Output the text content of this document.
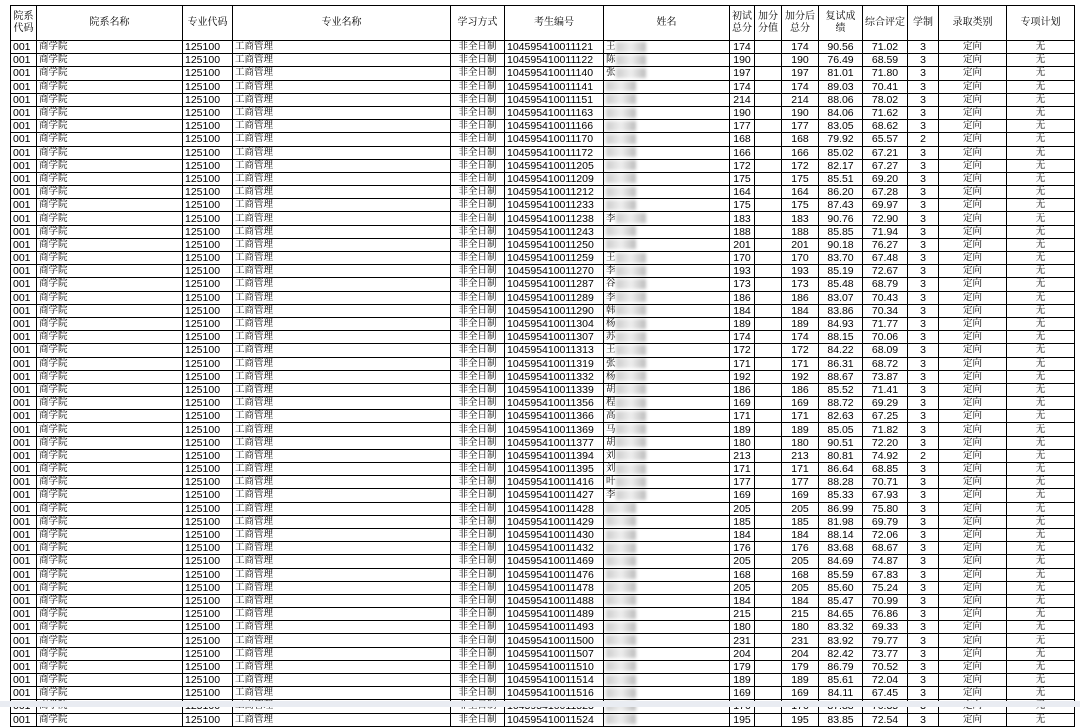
院系代码	院系名称	专业代码	专业名称	学习方式	考生编号	姓名	初试总分	加分分值	加分后总分	复试成绩	综合评定	学制	录取类别	专项计划
001	商学院	125100	工商管理	非全日制	104595410011121	王	174		174	90.56	71.02	3	定向	无
001	商学院	125100	工商管理	非全日制	104595410011122	陈	190		190	76.49	68.59	3	定向	无
001	商学院	125100	工商管理	非全日制	104595410011140	张	197		197	81.01	71.80	3	定向	无
001	商学院	125100	工商管理	非全日制	104595410011141		174		174	89.03	70.41	3	定向	无
001	商学院	125100	工商管理	非全日制	104595410011151		214		214	88.06	78.02	3	定向	无
001	商学院	125100	工商管理	非全日制	104595410011163		190		190	84.06	71.62	3	定向	无
001	商学院	125100	工商管理	非全日制	104595410011166		177		177	83.05	68.62	3	定向	无
001	商学院	125100	工商管理	非全日制	104595410011170		168		168	79.92	65.57	2	定向	无
001	商学院	125100	工商管理	非全日制	104595410011172		166		166	85.02	67.21	3	定向	无
001	商学院	125100	工商管理	非全日制	104595410011205		172		172	82.17	67.27	3	定向	无
001	商学院	125100	工商管理	非全日制	104595410011209		175		175	85.51	69.20	3	定向	无
001	商学院	125100	工商管理	非全日制	104595410011212		164		164	86.20	67.28	3	定向	无
001	商学院	125100	工商管理	非全日制	104595410011233		175		175	87.43	69.97	3	定向	无
001	商学院	125100	工商管理	非全日制	104595410011238	李	183		183	90.76	72.90	3	定向	无
001	商学院	125100	工商管理	非全日制	104595410011243		188		188	85.85	71.94	3	定向	无
001	商学院	125100	工商管理	非全日制	104595410011250		201		201	90.18	76.27	3	定向	无
001	商学院	125100	工商管理	非全日制	104595410011259	王	170		170	83.70	67.48	3	定向	无
001	商学院	125100	工商管理	非全日制	104595410011270	李	193		193	85.19	72.67	3	定向	无
001	商学院	125100	工商管理	非全日制	104595410011287	谷	173		173	85.48	68.79	3	定向	无
001	商学院	125100	工商管理	非全日制	104595410011289	李	186		186	83.07	70.43	3	定向	无
001	商学院	125100	工商管理	非全日制	104595410011290	韩	184		184	83.86	70.34	3	定向	无
001	商学院	125100	工商管理	非全日制	104595410011304	杨	189		189	84.93	71.77	3	定向	无
001	商学院	125100	工商管理	非全日制	104595410011307	苏	174		174	88.15	70.06	3	定向	无
001	商学院	125100	工商管理	非全日制	104595410011313	王	172		172	84.22	68.09	3	定向	无
001	商学院	125100	工商管理	非全日制	104595410011319	张	171		171	86.31	68.72	3	定向	无
001	商学院	125100	工商管理	非全日制	104595410011332	杨	192		192	88.67	73.87	3	定向	无
001	商学院	125100	工商管理	非全日制	104595410011339	胡	186		186	85.52	71.41	3	定向	无
001	商学院	125100	工商管理	非全日制	104595410011356	程	169		169	88.72	69.29	3	定向	无
001	商学院	125100	工商管理	非全日制	104595410011366	高	171		171	82.63	67.25	3	定向	无
001	商学院	125100	工商管理	非全日制	104595410011369	马	189		189	85.05	71.82	3	定向	无
001	商学院	125100	工商管理	非全日制	104595410011377	胡	180		180	90.51	72.20	3	定向	无
001	商学院	125100	工商管理	非全日制	104595410011394	刘	213		213	80.81	74.92	2	定向	无
001	商学院	125100	工商管理	非全日制	104595410011395	刘	171		171	86.64	68.85	3	定向	无
001	商学院	125100	工商管理	非全日制	104595410011416	叶	177		177	88.28	70.71	3	定向	无
001	商学院	125100	工商管理	非全日制	104595410011427	李	169		169	85.33	67.93	3	定向	无
001	商学院	125100	工商管理	非全日制	104595410011428		205		205	86.99	75.80	3	定向	无
001	商学院	125100	工商管理	非全日制	104595410011429		185		185	81.98	69.79	3	定向	无
001	商学院	125100	工商管理	非全日制	104595410011430		184		184	88.14	72.06	3	定向	无
001	商学院	125100	工商管理	非全日制	104595410011432		176		176	83.68	68.67	3	定向	无
001	商学院	125100	工商管理	非全日制	104595410011469		205		205	84.69	74.87	3	定向	无
001	商学院	125100	工商管理	非全日制	104595410011476		168		168	85.59	67.83	3	定向	无
001	商学院	125100	工商管理	非全日制	104595410011478		205		205	85.60	75.24	3	定向	无
001	商学院	125100	工商管理	非全日制	104595410011488		184		184	85.47	70.99	3	定向	无
001	商学院	125100	工商管理	非全日制	104595410011489		215		215	84.65	76.86	3	定向	无
001	商学院	125100	工商管理	非全日制	104595410011493		180		180	83.32	69.33	3	定向	无
001	商学院	125100	工商管理	非全日制	104595410011500		231		231	83.92	79.77	3	定向	无
001	商学院	125100	工商管理	非全日制	104595410011507		204		204	82.42	73.77	3	定向	无
001	商学院	125100	工商管理	非全日制	104595410011510		179		179	86.79	70.52	3	定向	无
001	商学院	125100	工商管理	非全日制	104595410011514		189		189	85.61	72.04	3	定向	无
001	商学院	125100	工商管理	非全日制	104595410011516		169		169	84.11	67.45	3	定向	无

001	商学院	125100	工商管理	非全日制	104595410011524		195		195	83.85	72.54	3	定向	无
